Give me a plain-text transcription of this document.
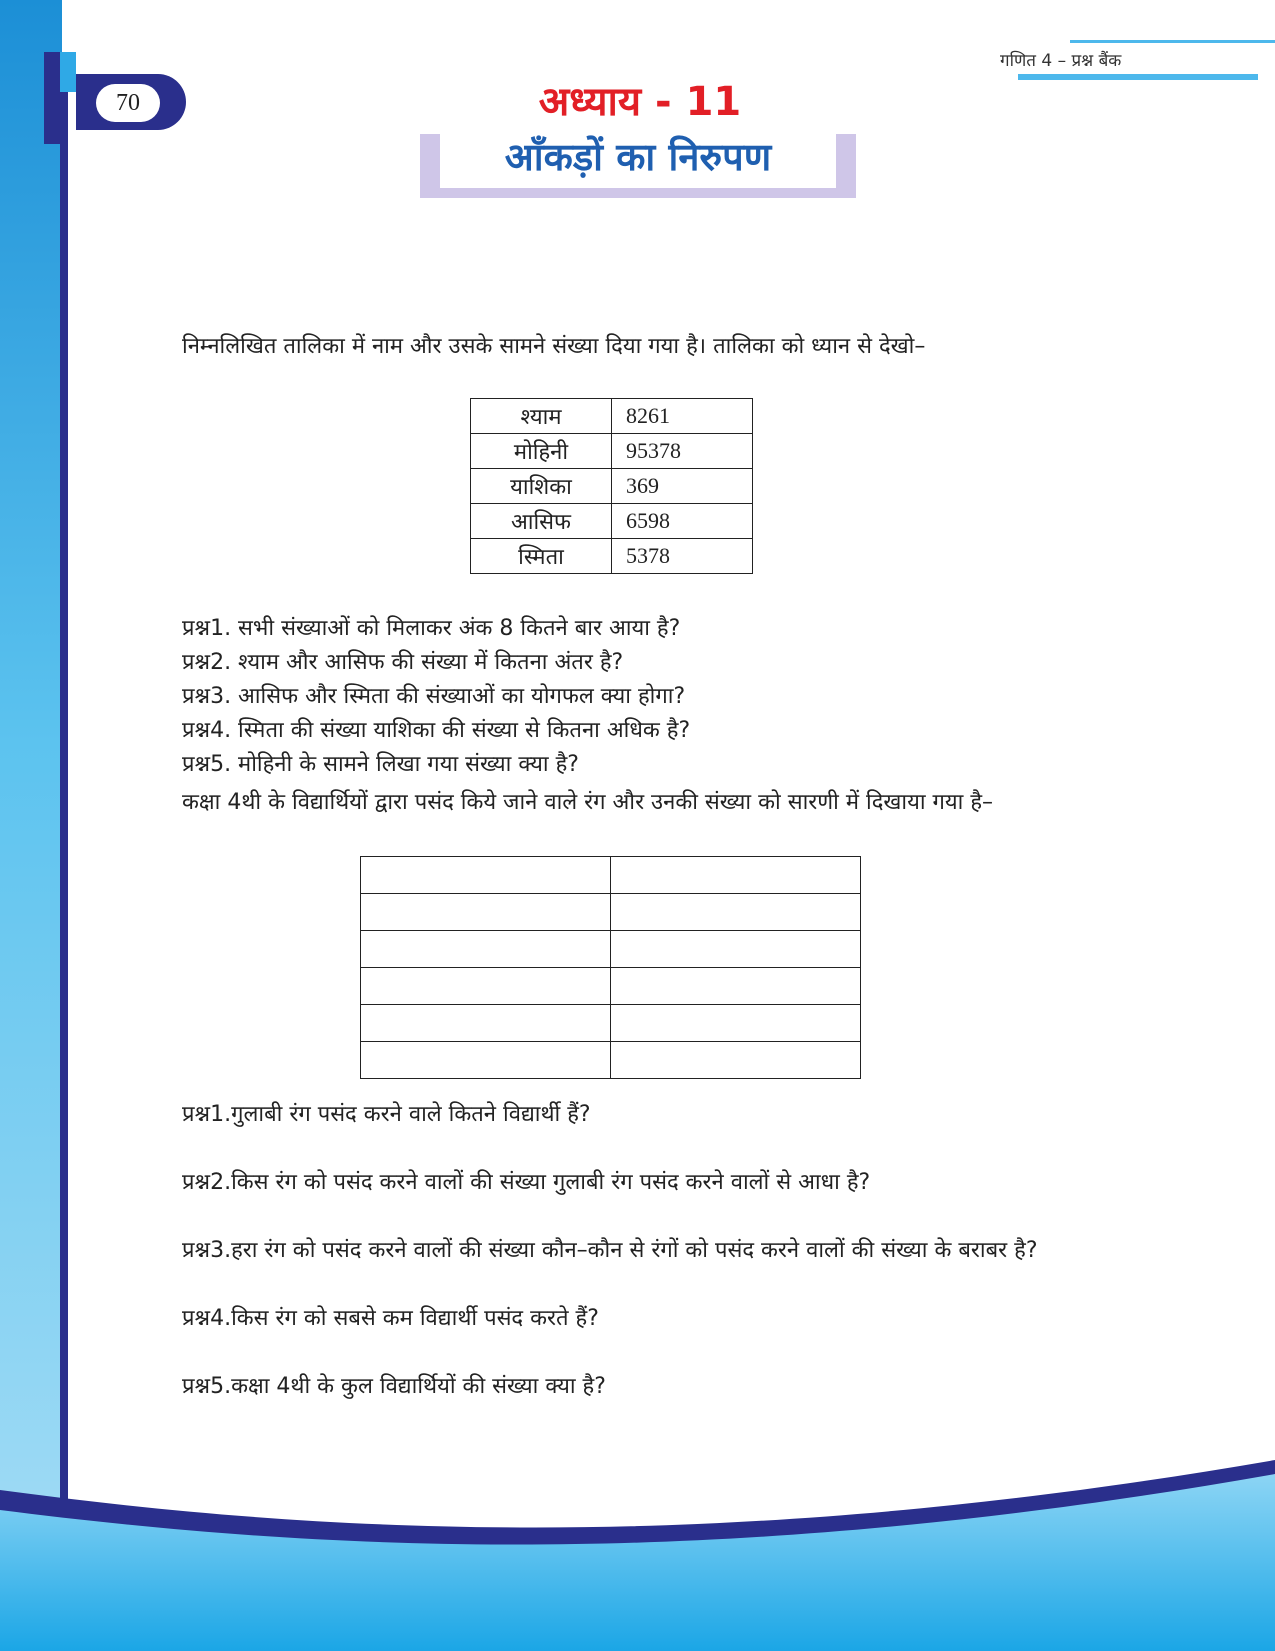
70
गणित 4 – प्रश्न बैंक
अध्याय - 11
आँकड़ों का निरुपण

निम्नलिखित तालिका में नाम और उसके सामने संख्या दिया गया है। तालिका को ध्यान से देखो–

श्याम	8261
मोहिनी	95378
याशिका	369
आसिफ	6598
स्मिता	5378

प्रश्न1. सभी संख्याओं को मिलाकर अंक 8 कितने बार आया है?

प्रश्न2. श्याम और आसिफ की संख्या में कितना अंतर है?

प्रश्न3. आसिफ और स्मिता की संख्याओं का योगफल क्या होगा?

प्रश्न4. स्मिता की संख्या याशिका की संख्या से कितना अधिक है?

प्रश्न5. मोहिनी के सामने लिखा गया संख्या क्या है?

कक्षा 4थी के विद्यार्थियों द्वारा पसंद किये जाने वाले रंग और उनकी संख्या को सारणी में दिखाया गया है–

प्रश्न1. गुलाबी रंग पसंद करने वाले कितने विद्यार्थी हैं?
प्रश्न2. किस रंग को पसंद करने वालों की संख्या गुलाबी रंग पसंद करने वालों से आधा है?
प्रश्न3. हरा रंग को पसंद करने वालों की संख्या कौन–कौन से रंगों को पसंद करने वालों की संख्या के बराबर है?
प्रश्न4. किस रंग को सबसे कम विद्यार्थी पसंद करते हैं?
प्रश्न5. कक्षा 4थी के कुल विद्यार्थियों की संख्या क्या है?
